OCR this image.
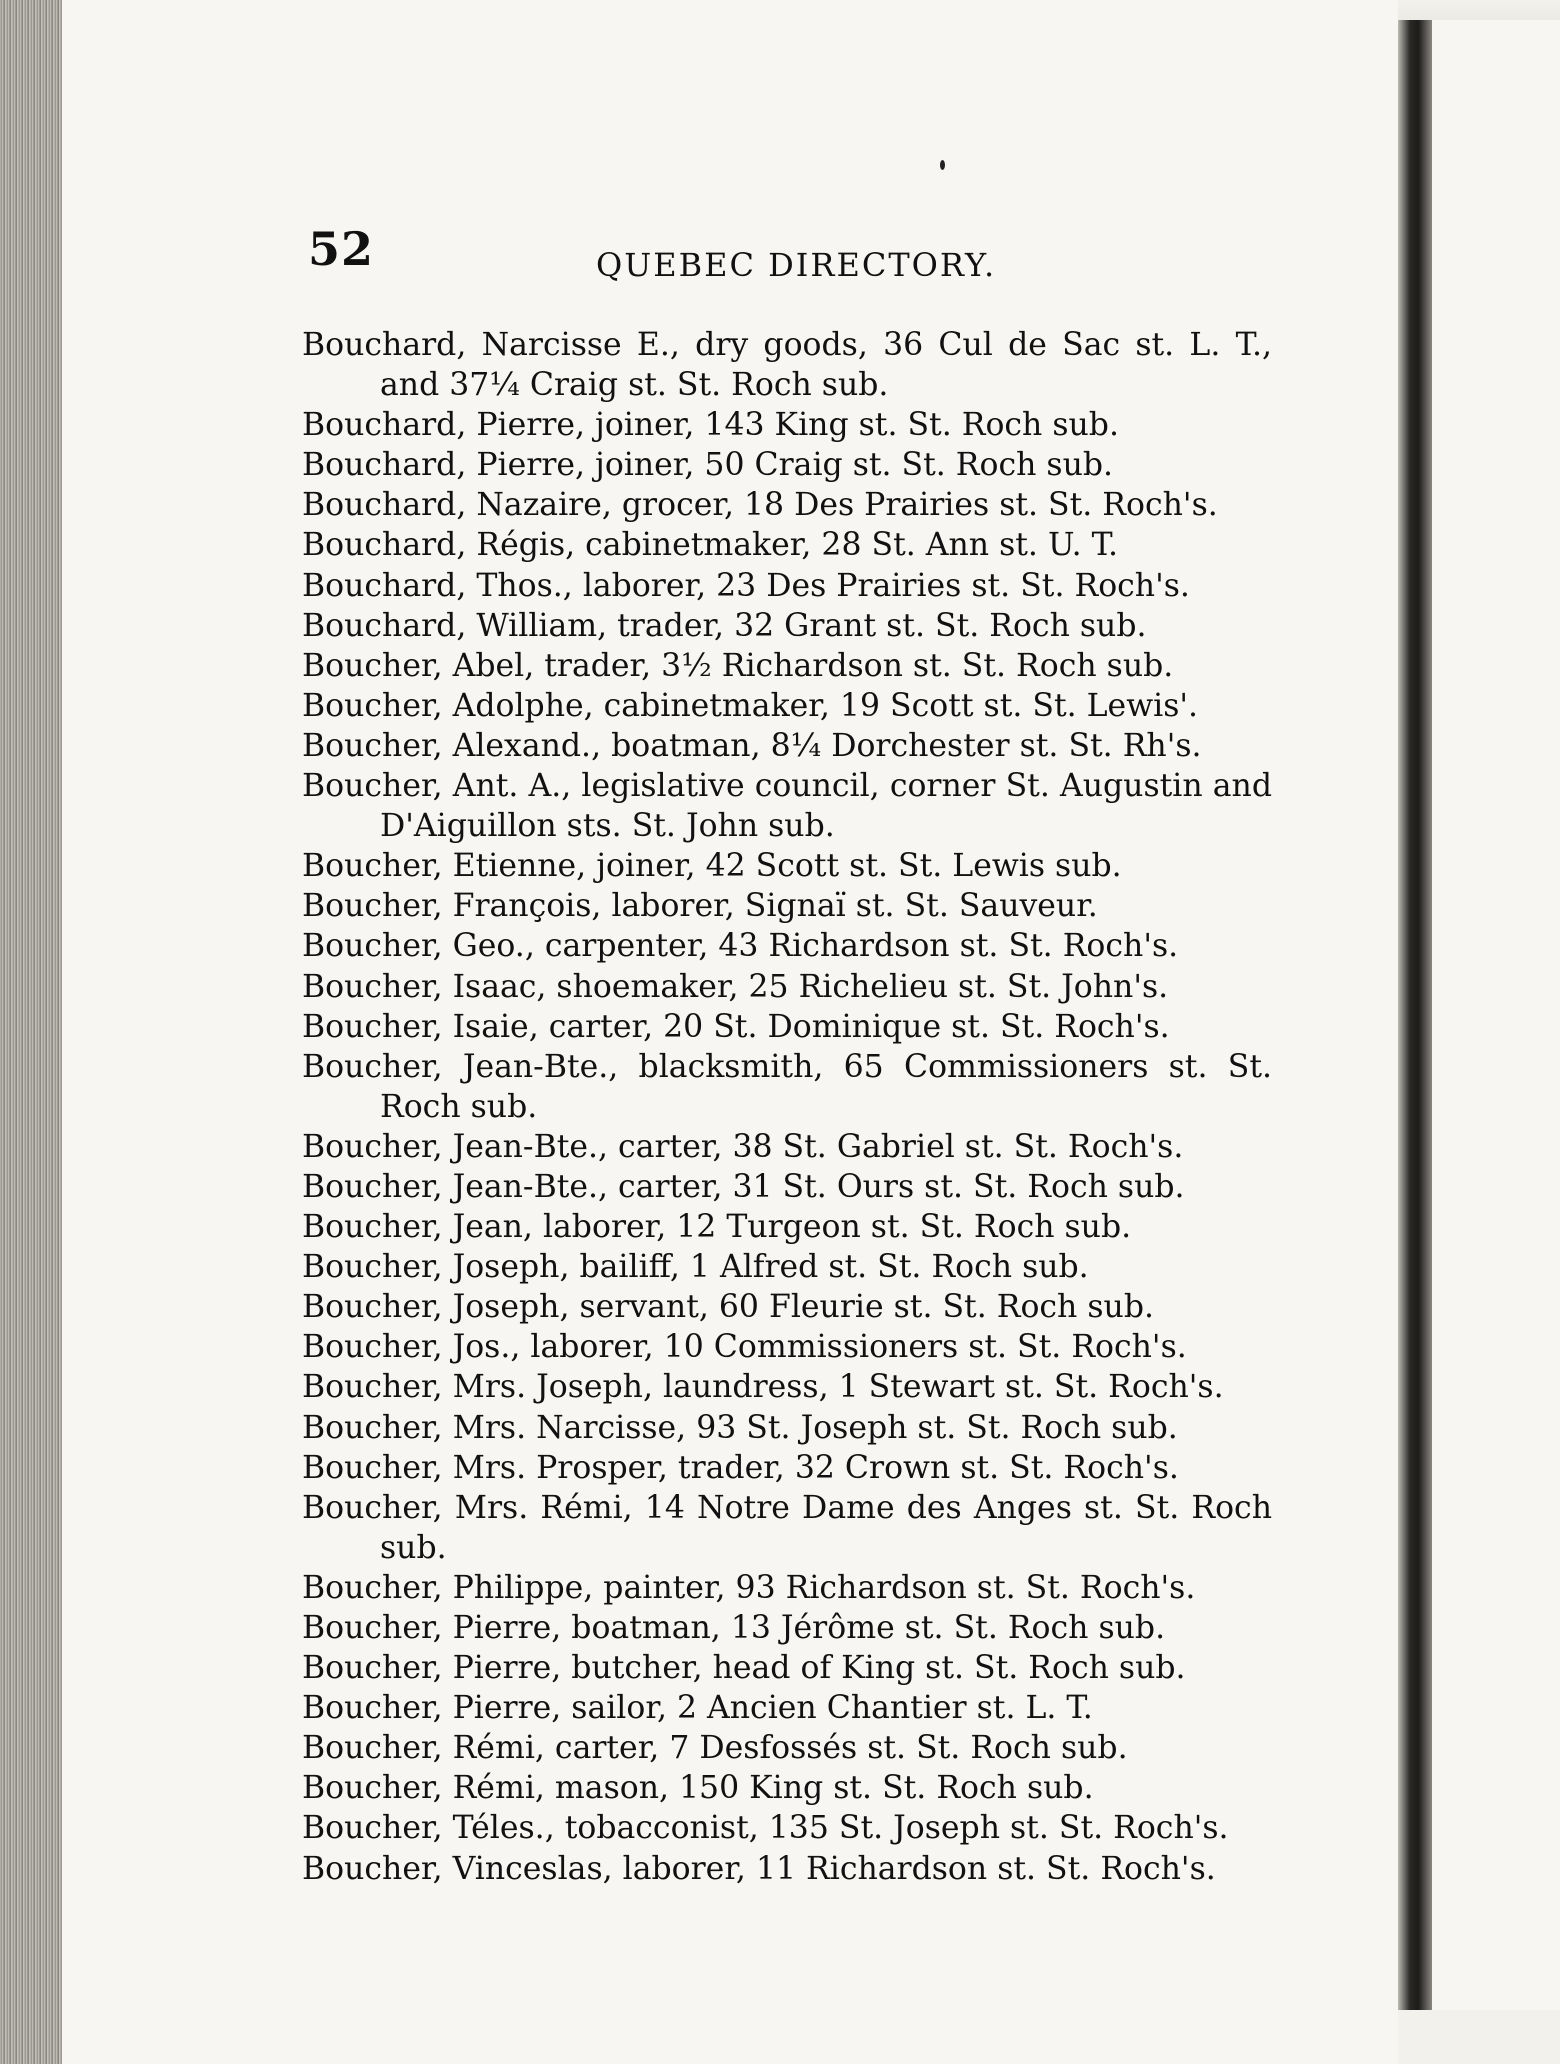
52	QUEBEC DIRECTORY.
Bouchard, Narcisse E., dry goods, 36 Cul de Sac st. L. T., and 37¼ Craig st. St. Roch sub.
Bouchard, Pierre, joiner, 143 King st. St. Roch sub.
Bouchard, Pierre, joiner, 50 Craig st. St. Roch sub.
Bouchard, Nazaire, grocer, 18 Des Prairies st. St. Roch's.
Bouchard, Régis, cabinetmaker, 28 St. Ann st. U. T.
Bouchard, Thos., laborer, 23 Des Prairies st. St. Roch's.
Bouchard, William, trader, 32 Grant st. St. Roch sub.
Boucher, Abel, trader, 3½ Richardson st. St. Roch sub.
Boucher, Adolphe, cabinetmaker, 19 Scott st. St. Lewis'.
Boucher, Alexand., boatman, 8¼ Dorchester st. St. Rh's.
Boucher, Ant. A., legislative council, corner St. Augustin and D'Aiguillon sts. St. John sub.
Boucher, Etienne, joiner, 42 Scott st. St. Lewis sub.
Boucher, François, laborer, Signaï st. St. Sauveur.
Boucher, Geo., carpenter, 43 Richardson st. St. Roch's.
Boucher, Isaac, shoemaker, 25 Richelieu st. St. John's.
Boucher, Isaie, carter, 20 St. Dominique st. St. Roch's.
Boucher, Jean-Bte., blacksmith, 65 Commissioners st. St. Roch sub.
Boucher, Jean-Bte., carter, 38 St. Gabriel st. St. Roch's.
Boucher, Jean-Bte., carter, 31 St. Ours st. St. Roch sub.
Boucher, Jean, laborer, 12 Turgeon st. St. Roch sub.
Boucher, Joseph, bailiff, 1 Alfred st. St. Roch sub.
Boucher, Joseph, servant, 60 Fleurie st. St. Roch sub.
Boucher, Jos., laborer, 10 Commissioners st. St. Roch's.
Boucher, Mrs. Joseph, laundress, 1 Stewart st. St. Roch's.
Boucher, Mrs. Narcisse, 93 St. Joseph st. St. Roch sub.
Boucher, Mrs. Prosper, trader, 32 Crown st. St. Roch's.
Boucher, Mrs. Rémi, 14 Notre Dame des Anges st. St. Roch sub.
Boucher, Philippe, painter, 93 Richardson st. St. Roch's.
Boucher, Pierre, boatman, 13 Jérôme st. St. Roch sub.
Boucher, Pierre, butcher, head of King st. St. Roch sub.
Boucher, Pierre, sailor, 2 Ancien Chantier st. L. T.
Boucher, Rémi, carter, 7 Desfossés st. St. Roch sub.
Boucher, Rémi, mason, 150 King st. St. Roch sub.
Boucher, Téles., tobacconist, 135 St. Joseph st. St. Roch's.
Boucher, Vinceslas, laborer, 11 Richardson st. St. Roch's.
